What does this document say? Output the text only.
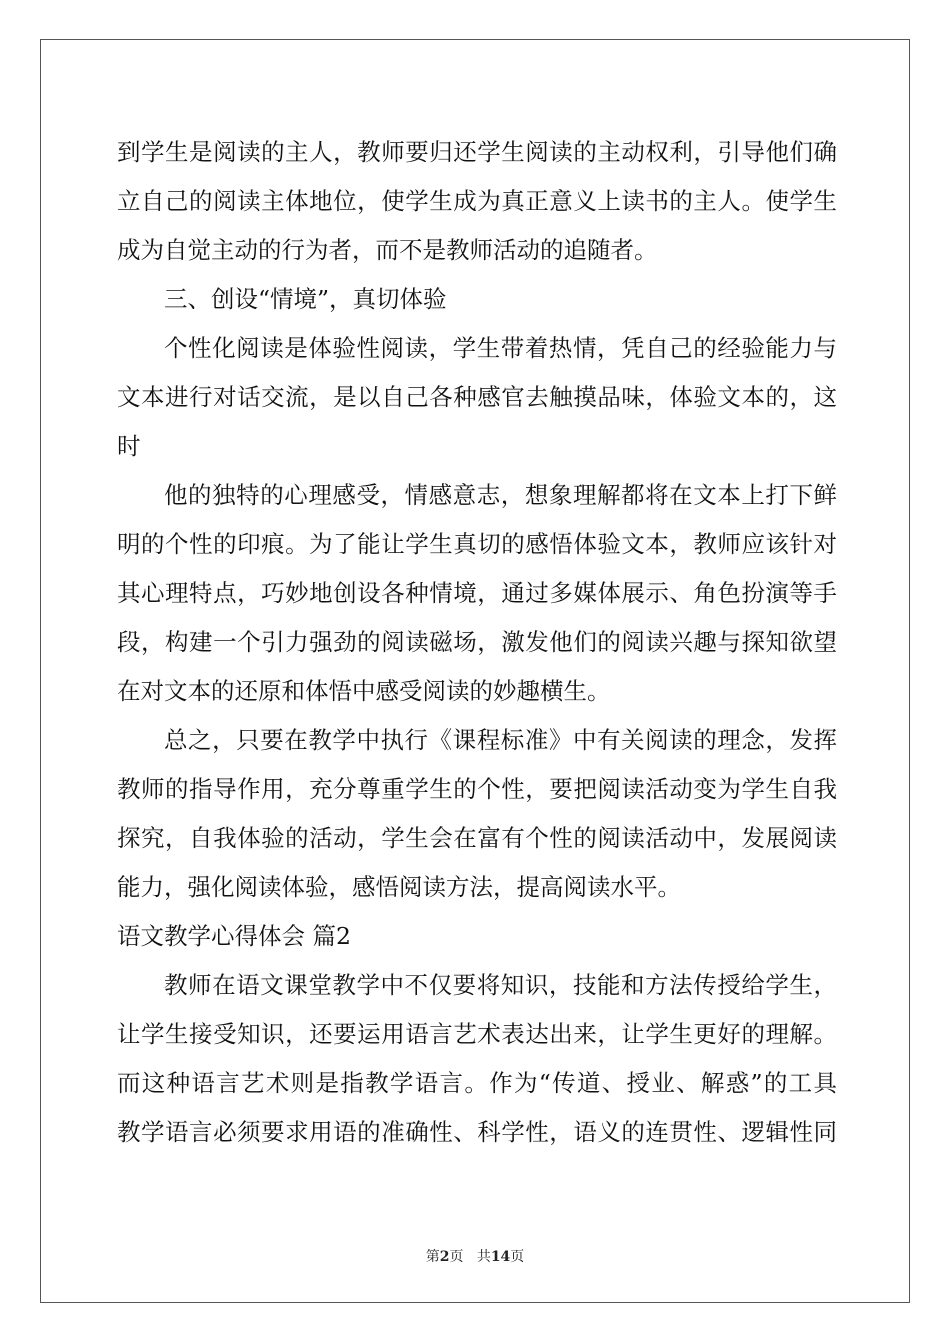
到学生是阅读的主人，教师要归还学生阅读的主动权利，引导他们确
立自己的阅读主体地位，使学生成为真正意义上读书的主人。使学生
成为自觉主动的行为者，而不是教师活动的追随者。
三、创设“情境”，真切体验
个性化阅读是体验性阅读，学生带着热情，凭自己的经验能力与
文本进行对话交流，是以自己各种感官去触摸品味，体验文本的，这
时
他的独特的心理感受，情感意志，想象理解都将在文本上打下鲜
明的个性的印痕。为了能让学生真切的感悟体验文本，教师应该针对
其心理特点，巧妙地创设各种情境，通过多媒体展示、角色扮演等手
段，构建一个引力强劲的阅读磁场，激发他们的阅读兴趣与探知欲望
在对文本的还原和体悟中感受阅读的妙趣横生。
总之，只要在教学中执行《课程标准》中有关阅读的理念，发挥
教师的指导作用，充分尊重学生的个性，要把阅读活动变为学生自我
探究，自我体验的活动，学生会在富有个性的阅读活动中，发展阅读
能力，强化阅读体验，感悟阅读方法，提高阅读水平。
语文教学心得体会 篇2
教师在语文课堂教学中不仅要将知识，技能和方法传授给学生，
让学生接受知识，还要运用语言艺术表达出来，让学生更好的理解。
而这种语言艺术则是指教学语言。作为“传道、授业、解惑”的工具
教学语言必须要求用语的准确性、科学性，语义的连贯性、逻辑性同
第2页 共14页
